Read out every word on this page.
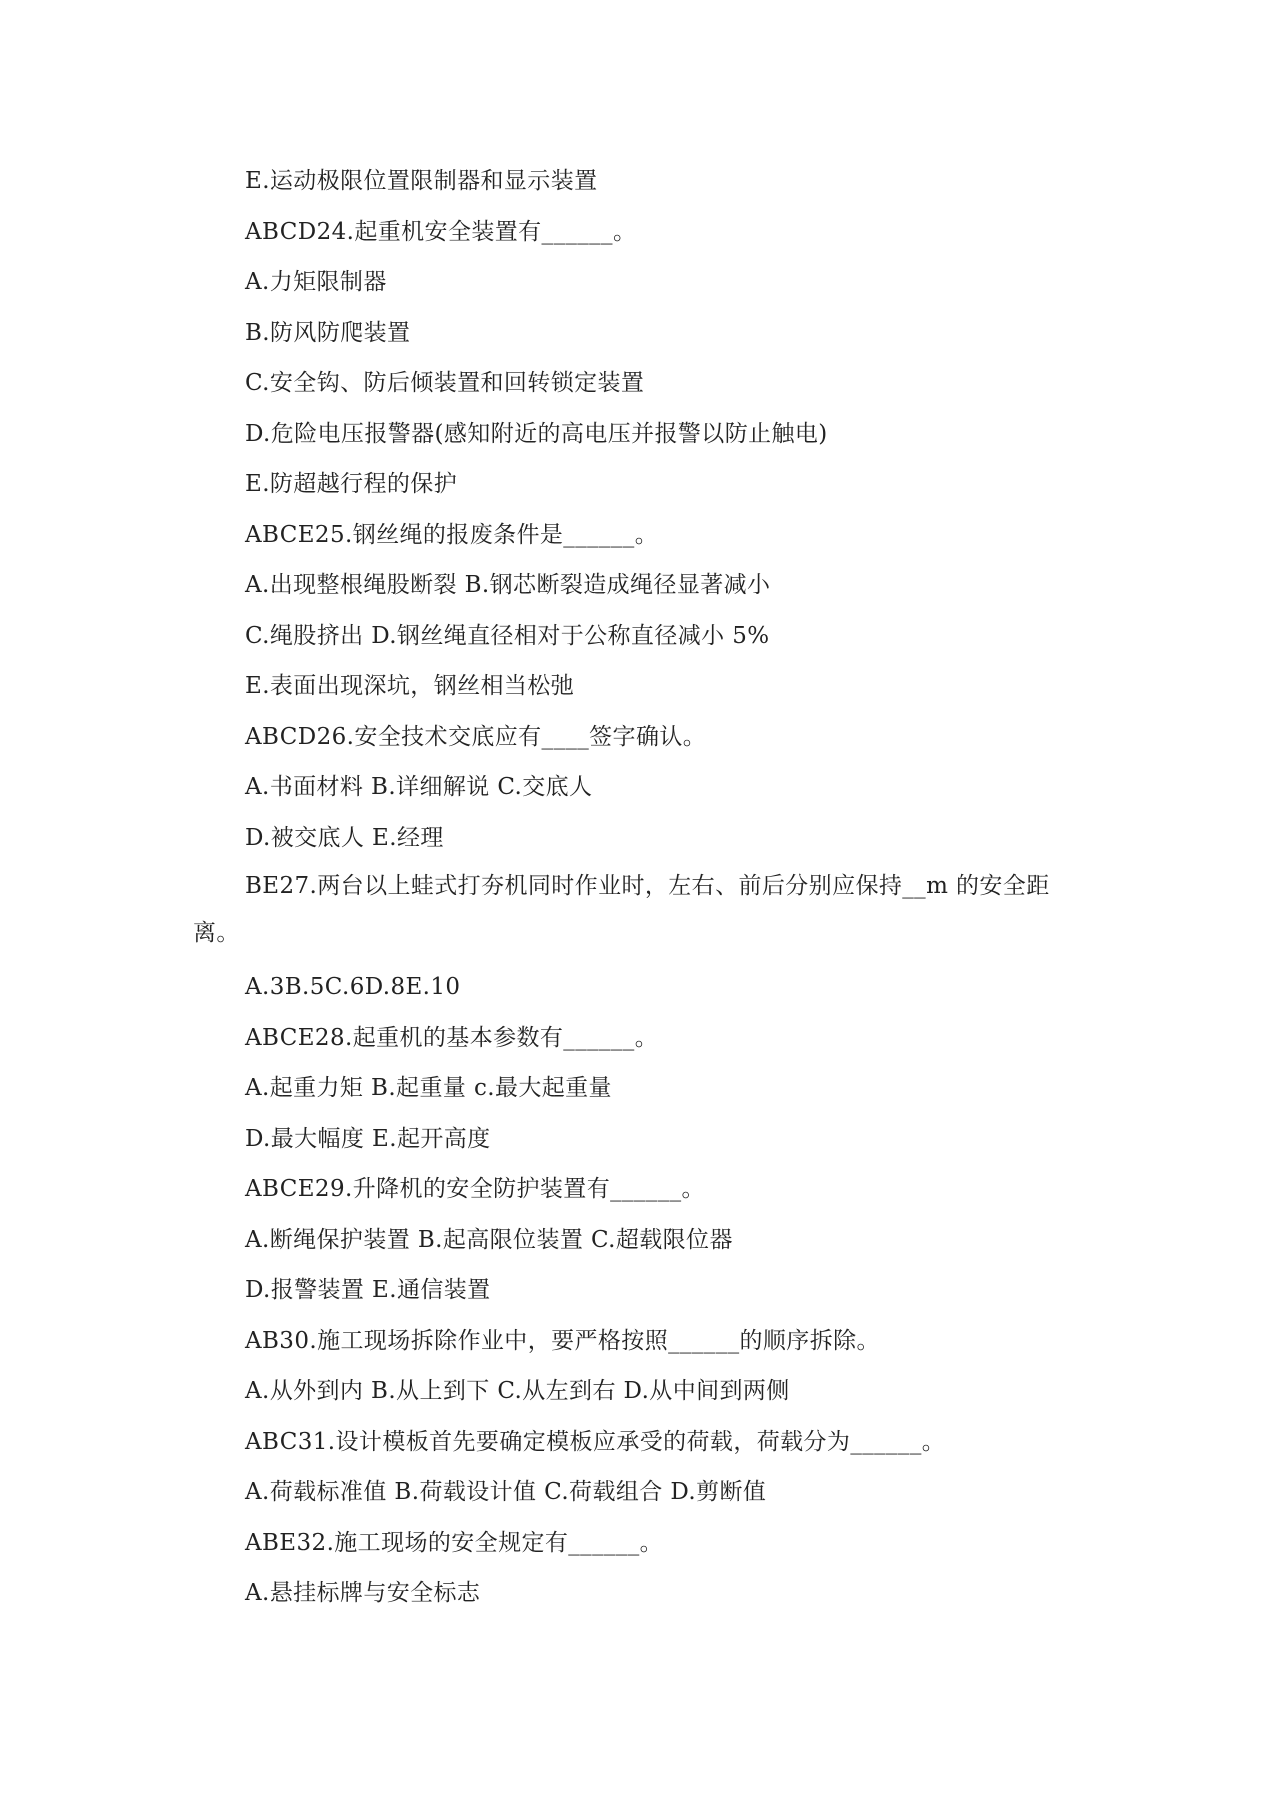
E.运动极限位置限制器和显示装置
ABCD24.起重机安全装置有______。
A.力矩限制器
B.防风防爬装置
C.安全钩、防后倾装置和回转锁定装置
D.危险电压报警器(感知附近的高电压并报警以防止触电)
E.防超越行程的保护
ABCE25.钢丝绳的报废条件是______。
A.出现整根绳股断裂 B.钢芯断裂造成绳径显著减小
C.绳股挤出 D.钢丝绳直径相对于公称直径减小 5%
E.表面出现深坑，钢丝相当松弛
ABCD26.安全技术交底应有____签字确认。
A.书面材料 B.详细解说 C.交底人
D.被交底人 E.经理
BE27.两台以上蛙式打夯机同时作业时，左右、前后分别应保持__m 的安全距离。
A.3B.5C.6D.8E.10
ABCE28.起重机的基本参数有______。
A.起重力矩 B.起重量 c.最大起重量
D.最大幅度 E.起开高度
ABCE29.升降机的安全防护装置有______。
A.断绳保护装置 B.起高限位装置 C.超载限位器
D.报警装置 E.通信装置
AB30.施工现场拆除作业中，要严格按照______的顺序拆除。
A.从外到内 B.从上到下 C.从左到右 D.从中间到两侧
ABC31.设计模板首先要确定模板应承受的荷载，荷载分为______。
A.荷载标准值 B.荷载设计值 C.荷载组合 D.剪断值
ABE32.施工现场的安全规定有______。
A.悬挂标牌与安全标志
